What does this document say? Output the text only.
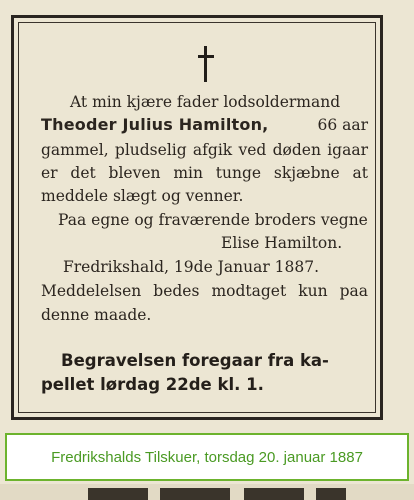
At min kjære fader lodsoldermand
Theoder Julius Hamilton,	66 aar
gammel, pludselig afgik ved døden igaar
er det bleven min tunge skjæbne at
meddele slægt og venner.
Paa egne og fraværende broders vegne
Elise Hamilton.
Fredrikshald, 19de Januar 1887.
Meddelelsen bedes modtaget kun paa
denne maade.
Begravelsen foregaar fra ka-
pellet lørdag 22de kl. 1.
Fredrikshalds Tilskuer, torsdag 20. januar 1887
